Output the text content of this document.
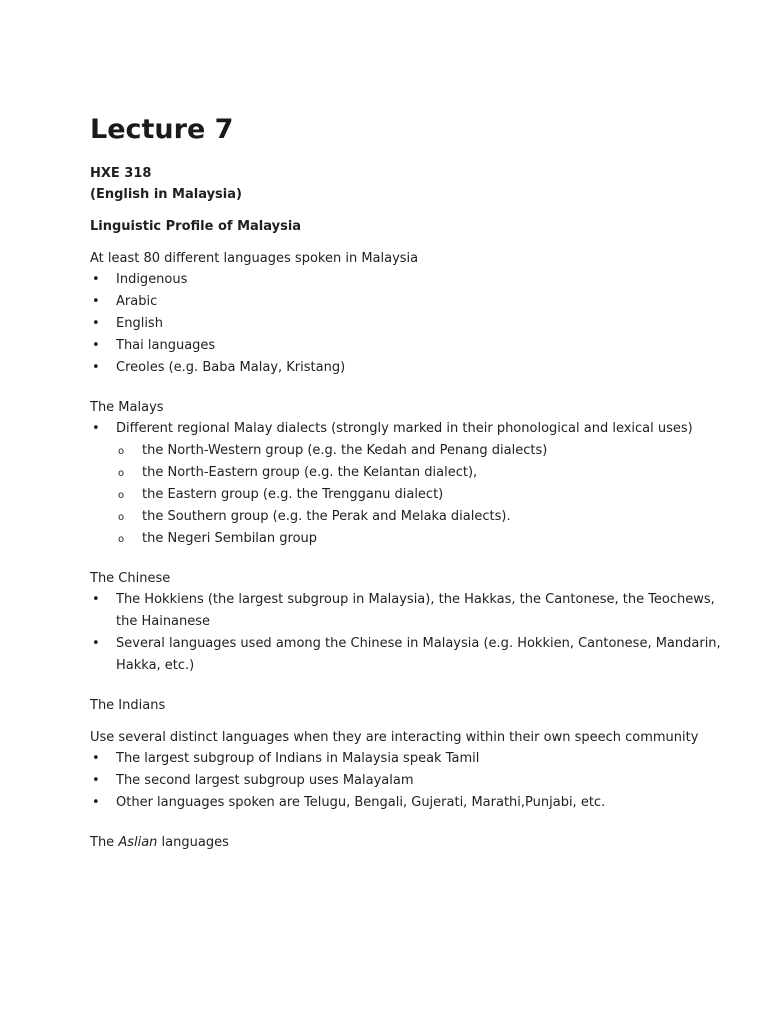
Lecture 7
HXE 318
(English in Malaysia)
Linguistic Profile of Malaysia

At least 80 different languages spoken in Malaysia

• Indigenous
• Arabic
• English
• Thai languages
• Creoles (e.g. Baba Malay, Kristang)

The Malays

• Different regional Malay dialects (strongly marked in their phonological and lexical uses)
o the North-Western group (e.g. the Kedah and Penang dialects)
o the North-Eastern group (e.g. the Kelantan dialect),
o the Eastern group (e.g. the Trengganu dialect)
o the Southern group (e.g. the Perak and Melaka dialects).
o the Negeri Sembilan group

The Chinese

• The Hokkiens (the largest subgroup in Malaysia), the Hakkas, the Cantonese, the Teochews, the Hainanese
• Several languages used among the Chinese in Malaysia (e.g. Hokkien, Cantonese, Mandarin, Hakka, etc.)

The Indians

Use several distinct languages when they are interacting within their own speech community

• The largest subgroup of Indians in Malaysia speak Tamil
• The second largest subgroup uses Malayalam
• Other languages spoken are Telugu, Bengali, Gujerati, Marathi,Punjabi, etc.

The Aslian languages
